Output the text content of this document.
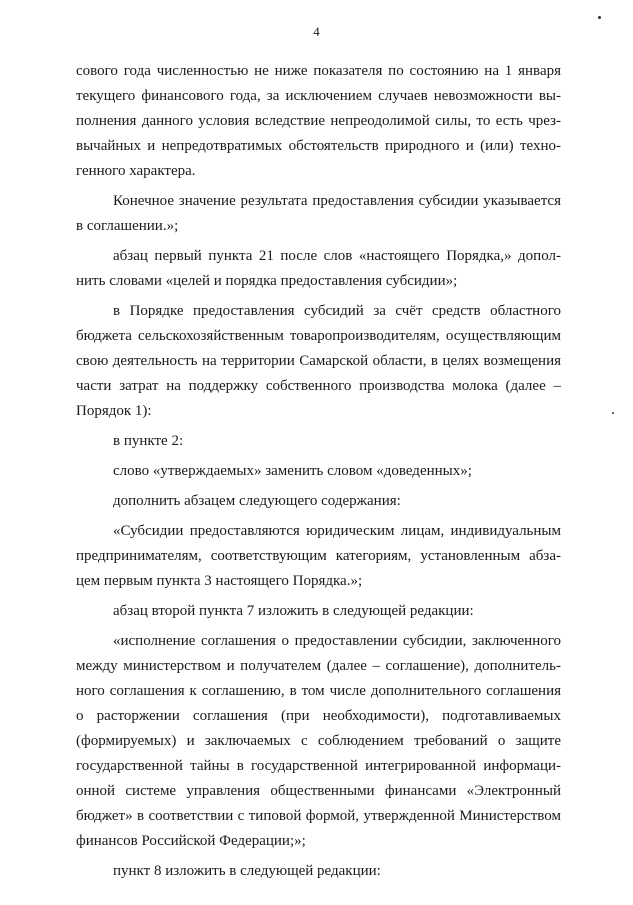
4
сового года численностью не ниже показателя по состоянию на 1 января
текущего финансового года, за исключением случаев невозможности вы-
полнения данного условия вследствие непреодолимой силы, то есть чрез-
вычайных и непредотвратимых обстоятельств природного и (или) техно-
генного характера.
Конечное значение результата предоставления субсидии указывается
в соглашении.»;
абзац первый пункта 21 после слов «настоящего Порядка,» допол-
нить словами «целей и порядка предоставления субсидии»;
в Порядке предоставления субсидий за счёт средств областного
бюджета сельскохозяйственным товаропроизводителям, осуществляющим
свою деятельность на территории Самарской области, в целях возмещения
части затрат на поддержку собственного производства молока (далее –
Порядок 1):
в пункте 2:
слово «утверждаемых» заменить словом «доведенных»;
дополнить абзацем следующего содержания:
«Субсидии предоставляются юридическим лицам, индивидуальным
предпринимателям, соответствующим категориям, установленным абза-
цем первым пункта 3 настоящего Порядка.»;
абзац второй пункта 7 изложить в следующей редакции:
«исполнение соглашения о предоставлении субсидии, заключенного
между министерством и получателем (далее – соглашение), дополнитель-
ного соглашения к соглашению, в том числе дополнительного соглашения
о расторжении соглашения (при необходимости), подготавливаемых
(формируемых) и заключаемых с соблюдением требований о защите
государственной тайны в государственной интегрированной информаци-
онной системе управления общественными финансами «Электронный
бюджет» в соответствии с типовой формой, утвержденной Министерством
финансов Российской Федерации;»;
пункт 8 изложить в следующей редакции:
